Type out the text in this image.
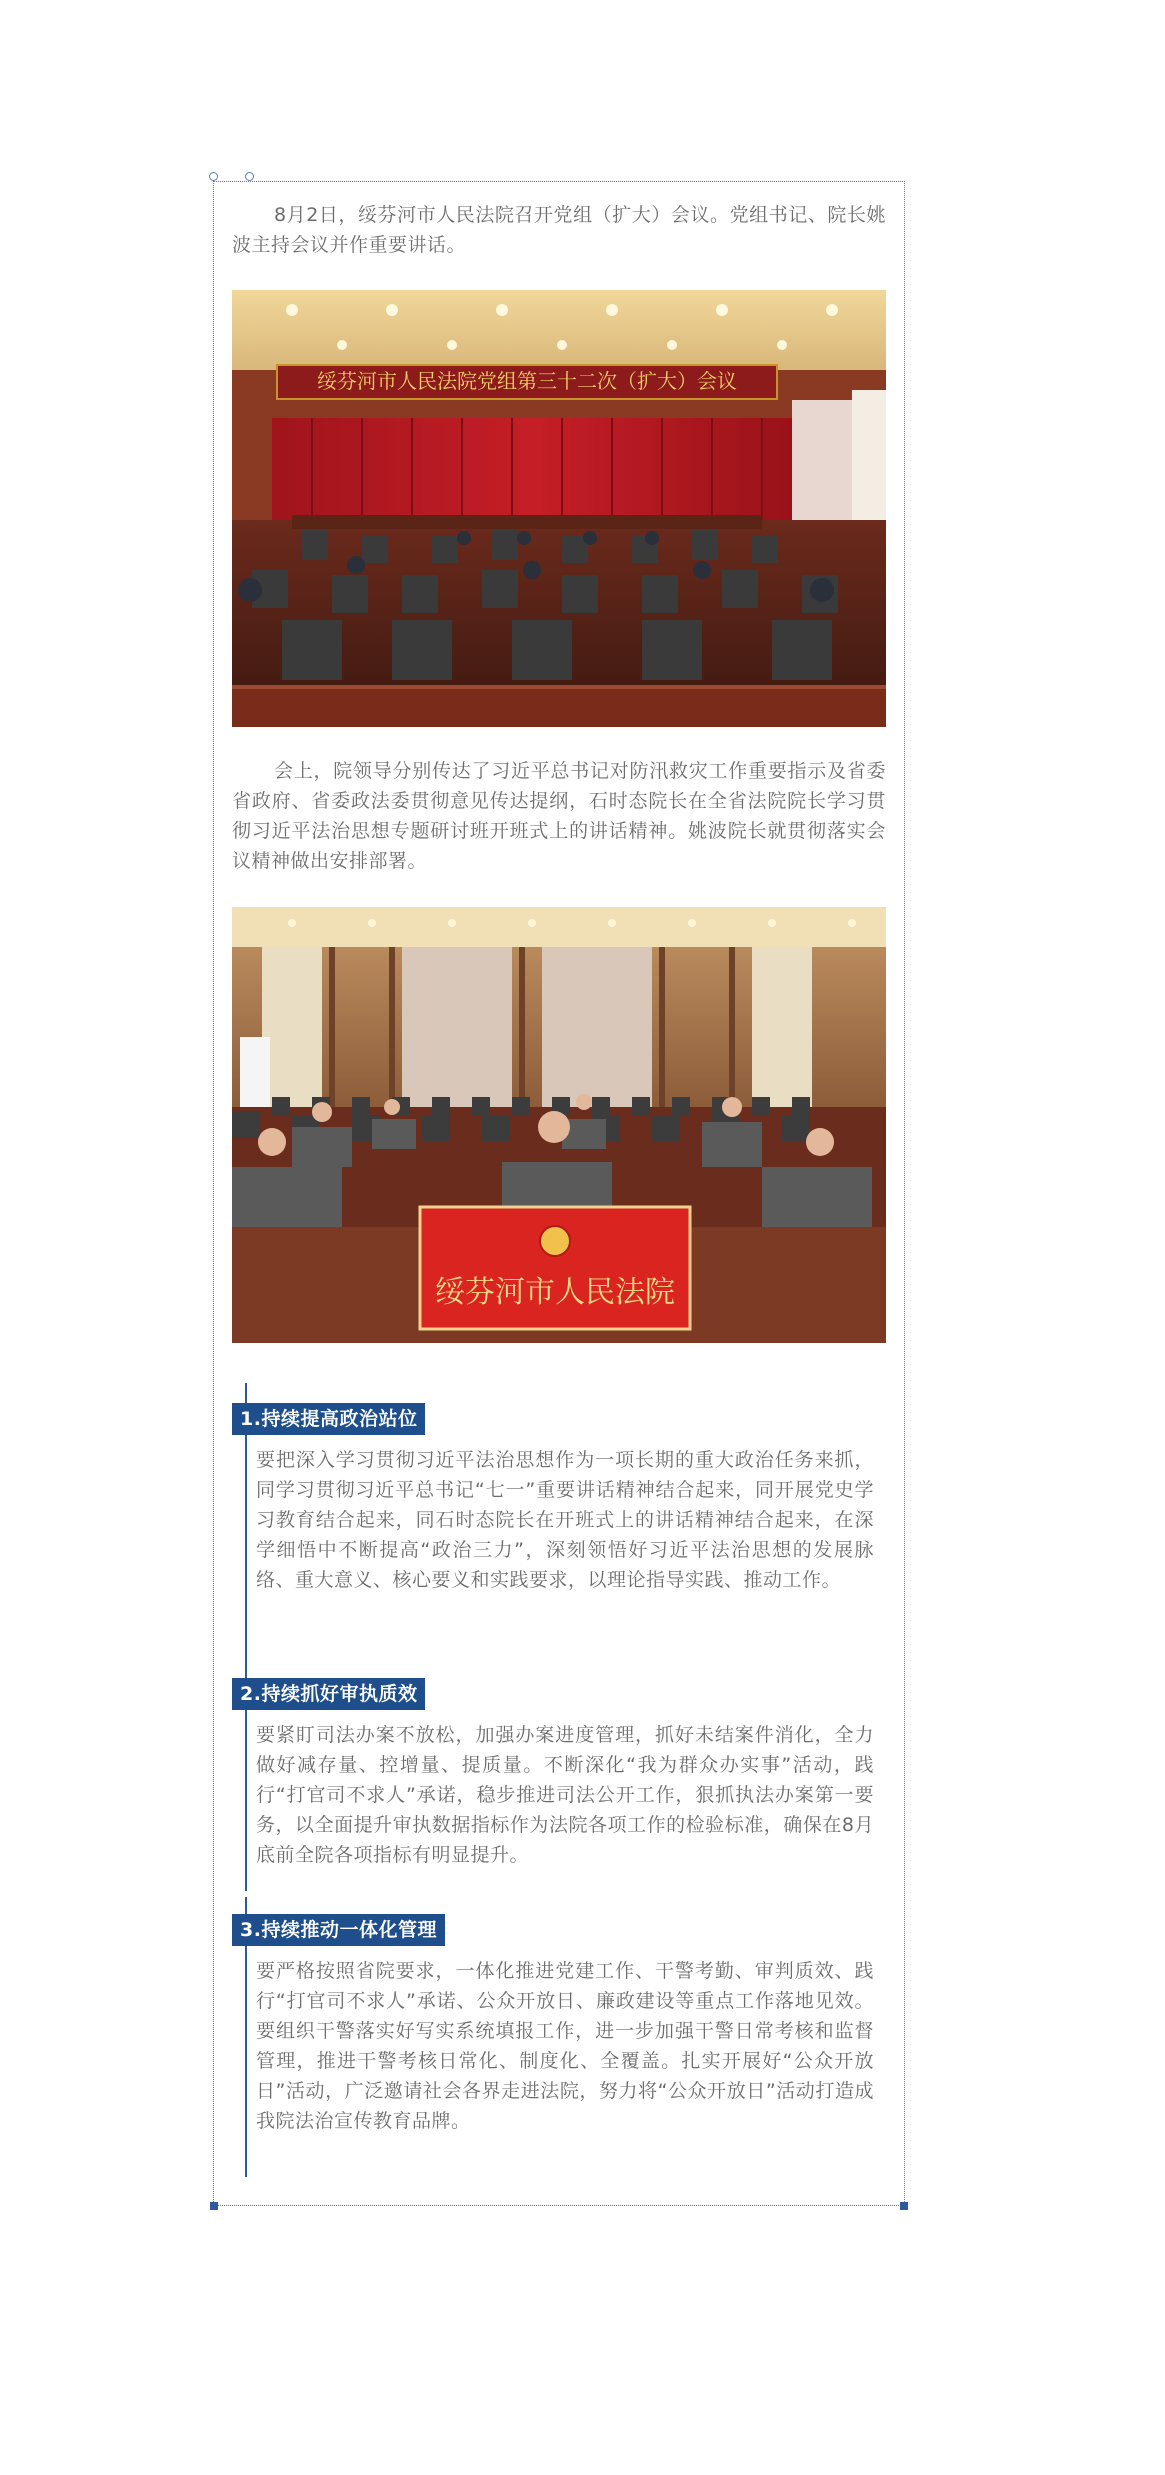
8月2日，绥芬河市人民法院召开党组（扩大）会议。党组书记、院长姚波主持会议并作重要讲话。

绥芬河市人民法院党组第三十二次（扩大）会议

会上，院领导分别传达了习近平总书记对防汛救灾工作重要指示及省委省政府、省委政法委贯彻意见传达提纲，石时态院长在全省法院院长学习贯彻习近平法治思想专题研讨班开班式上的讲话精神。姚波院长就贯彻落实会议精神做出安排部署。

绥芬河市人民法院
1.持续提高政治站位

要把深入学习贯彻习近平法治思想作为一项长期的重大政治任务来抓，同学习贯彻习近平总书记“七一”重要讲话精神结合起来，同开展党史学习教育结合起来，同石时态院长在开班式上的讲话精神结合起来，在深学细悟中不断提高“政治三力”，深刻领悟好习近平法治思想的发展脉络、重大意义、核心要义和实践要求，以理论指导实践、推动工作。

2.持续抓好审执质效

要紧盯司法办案不放松，加强办案进度管理，抓好未结案件消化，全力做好减存量、控增量、提质量。不断深化“我为群众办实事”活动，践行“打官司不求人”承诺，稳步推进司法公开工作，狠抓执法办案第一要务，以全面提升审执数据指标作为法院各项工作的检验标准，确保在8月底前全院各项指标有明显提升。

3.持续推动一体化管理

要严格按照省院要求，一体化推进党建工作、干警考勤、审判质效、践行“打官司不求人”承诺、公众开放日、廉政建设等重点工作落地见效。要组织干警落实好写实系统填报工作，进一步加强干警日常考核和监督管理，推进干警考核日常化、制度化、全覆盖。扎实开展好“公众开放日”活动，广泛邀请社会各界走进法院，努力将“公众开放日”活动打造成我院法治宣传教育品牌。
